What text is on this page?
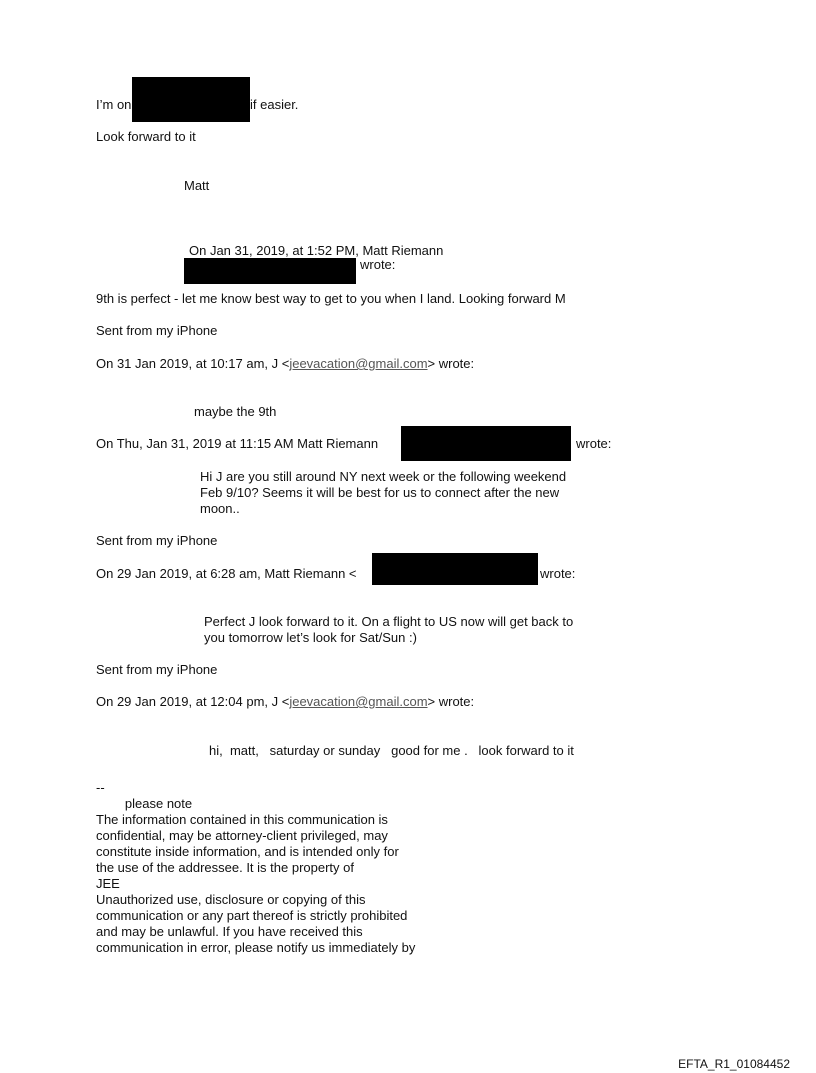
I’m on	if easier.
Look forward to it
Matt
On Jan 31, 2019, at 1:52 PM, Matt Riemann
wrote:
9th is perfect - let me know best way to get to you when I land. Looking forward M
Sent from my iPhone
On 31 Jan 2019, at 10:17 am, J <jeevacation@gmail.com> wrote:
maybe the 9th
On Thu, Jan 31, 2019 at 11:15 AM Matt Riemann	wrote:
Hi J are you still around NY next week or the following weekend
Feb 9/10? Seems it will be best for us to connect after the new
moon..
Sent from my iPhone
On 29 Jan 2019, at 6:28 am, Matt Riemann <	wrote:
Perfect J look forward to it. On a flight to US now will get back to
you tomorrow let’s look for Sat/Sun :)
Sent from my iPhone
On 29 Jan 2019, at 12:04 pm, J <jeevacation@gmail.com> wrote:
hi,  matt,   saturday or sunday   good for me .   look forward to it
--
please note
The information contained in this communication is
confidential, may be attorney-client privileged, may
constitute inside information, and is intended only for
the use of the addressee. It is the property of
JEE
Unauthorized use, disclosure or copying of this
communication or any part thereof is strictly prohibited
and may be unlawful. If you have received this
communication in error, please notify us immediately by
EFTA_R1_01084452
